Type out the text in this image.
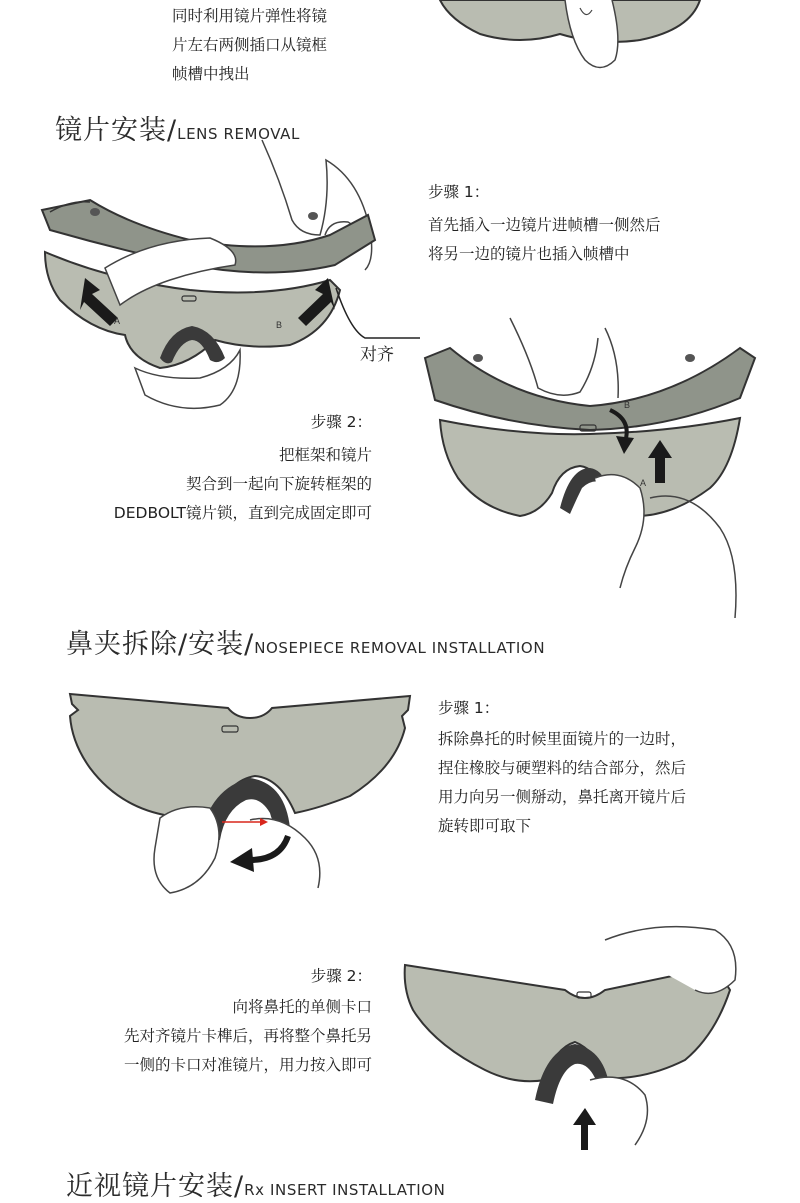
同时利用镜片弹性将镜
片左右两侧插口从镜框
帧槽中拽出
镜片安装/LENS REMOVAL
步骤 1：
首先插入一边镜片进帧槽一侧然后
将另一边的镜片也插入帧槽中
A	B
对齐
步骤 2：
把框架和镜片
契合到一起向下旋转框架的
DEDBOLT镜片锁，直到完成固定即可
B
A
鼻夹拆除/安装/NOSEPIECE REMOVAL INSTALLATION
步骤 1：
拆除鼻托的时候里面镜片的一边时，
捏住橡胶与硬塑料的结合部分，然后
用力向另一侧掰动，鼻托离开镜片后
旋转即可取下
步骤 2：
向将鼻托的单侧卡口
先对齐镜片卡榫后，再将整个鼻托另
一侧的卡口对准镜片，用力按入即可
近视镜片安装/Rx INSERT INSTALLATION
